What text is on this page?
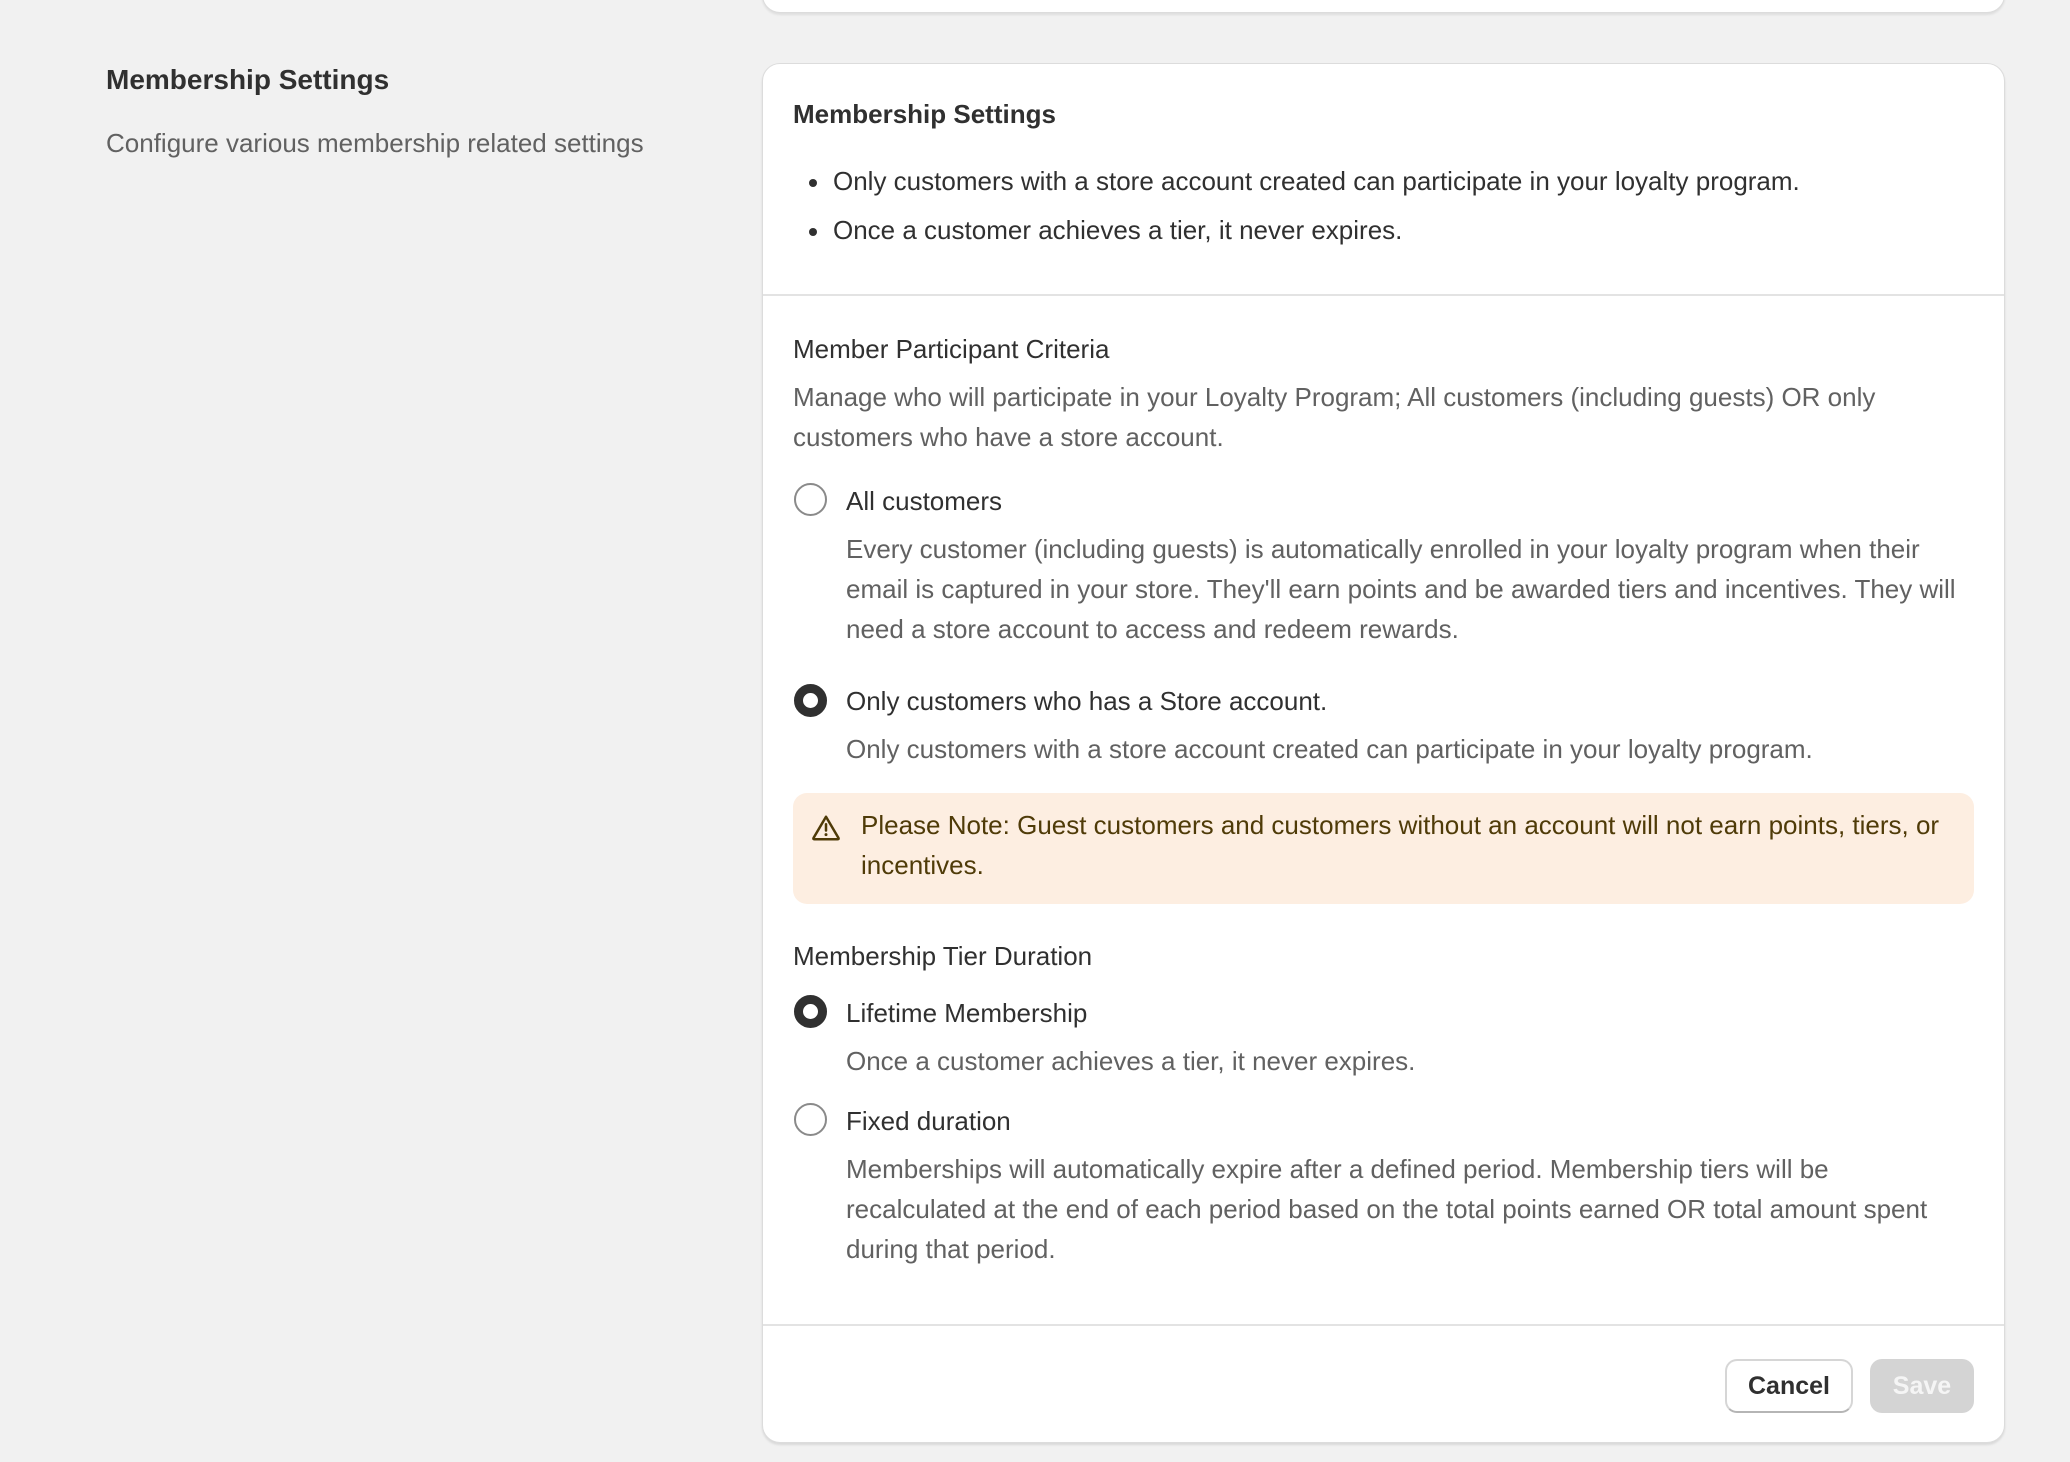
Membership Settings
Configure various membership related settings
Membership Settings
Only customers with a store account created can participate in your loyalty program.
Once a customer achieves a tier, it never expires.
Member Participant Criteria
Manage who will participate in your Loyalty Program; All customers (including guests) OR only customers who have a store account.
All customers
Every customer (including guests) is automatically enrolled in your loyalty program when their email is captured in your store. They'll earn points and be awarded tiers and incentives. They will need a store account to access and redeem rewards.
Only customers who has a Store account.
Only customers with a store account created can participate in your loyalty program.
Please Note: Guest customers and customers without an account will not earn points, tiers, or incentives.
Membership Tier Duration
Lifetime Membership
Once a customer achieves a tier, it never expires.
Fixed duration
Memberships will automatically expire after a defined period. Membership tiers will be recalculated at the end of each period based on the total points earned OR total amount spent during that period.
Cancel	Save
